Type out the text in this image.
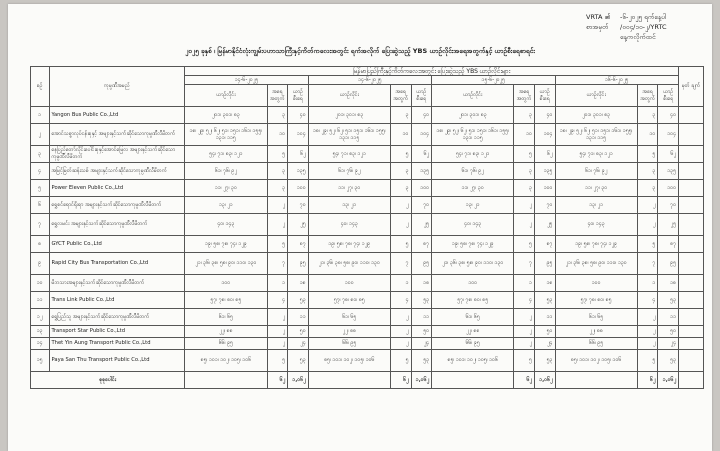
VRTA ၏	-၆-၂၀၂၅ ရက်နေ့ပါ
စာအမှတ်	/၀၀၄/၁၀-၂/YRTC
နေ့ကလိုက်ထင်
၂၀၂၅ ခုနှစ် ၊ မြန်မာနိုင်ငံလုံးကျွမ်းပဟာသာကြီးနှင့်ကိတ်ကလေးအတွင်း ရက်အလိုက် ပြေးဆွဲသည့် YBS ယာဉ်လိုင်းအရေအတွက်နှင့် ယာဉ်စီးရေစာရင်း
စဉ်	ကုမ္ပဏီအမည်	မြန်မာပြည်ကြီးနှင့်ကိတ်ကလေးအတွင်း ပြေးဆွဲသည့် YBS ယာဉ်လိုင်းများ												မှတ် ချက်
		၁၄-၆-၂၀၂၅			၁၄-၆-၂၀၂၅			၁၅-၆-၂၀၂၅			၁၆-၆-၂၀၂၅			
		ယာဉ်လိုင်း	အရေ အတွက်	ယာဉ် စီးရေ	ယာဉ်လိုင်း	အရေ အတွက်	ယာဉ် စီးရေ	ယာဉ်လိုင်း	အရေ အတွက်	ယာဉ် စီးရေ	ယာဉ်လိုင်း	အရေ အတွက်	ယာဉ် စီးရေ	
၁	Yangon Bus Public Co.,Ltd	၂၀၁၊ ၃၀၁၊ ၈၃	၃	၄၀	၂၀၁၊ ၃၀၁၊ ၈၃	၃	၄၀	၂၀၁၊ ၃၀၁၊ ၈၃	၃	၄၀	၂၀၁၊ ၃၀၁၊ ၈၃	၃	၄၀	
၂	အောင်သစ္စာလုပ်ငန်းစုနှင့် အများနှင့်သက်ဆိုင်သောကုမ္ပဏီလီမိတက်	၁၈၊ ၂၉၊ ၅၂၊ ၆၂၊ ၅၁၊ ၁၅၁၊ ၁၆၁၊ ၁၅၅၊ ၁၃၁၊ ၁၁၅	၁၀	၁၀၄	၁၈၊ ၂၉၊ ၅၂၊ ၆၂၊ ၅၁၊ ၁၅၁၊ ၁၆၁၊ ၁၅၅၊ ၁၃၁၊ ၁၁၅	၁၀	၁၀၄	၁၈၊ ၂၉၊ ၅၂၊ ၆၂၊ ၅၁၊ ၁၅၁၊ ၁၆၁၊ ၁၅၅၊ ၁၃၁၊ ၁၁၅	၁၀	၁၀၄	၁၈၊ ၂၉၊ ၅၂၊ ၆၂၊ ၅၁၊ ၁၅၁၊ ၁၆၁၊ ၁၅၅၊ ၁၃၁၊ ၁၁၅	၁၀	၁၀၄	
၃	နေပြည်တော်လိုင်းပေါင်းစုနှင့်အောင်မြေလ အများနှင့်သက်ဆိုင်သောကုမ္ပဏီလီမိတက်	၅၄၊ ၇၁၊ ၈၃၊ ၁၂၁	၅	၆၂	၅၄၊ ၇၁၊ ၈၃၊ ၁၂၁	၅	၆၂	၅၄၊ ၇၁၊ ၈၃၊ ၁၂၁	၅	၆၂	၅၄၊ ၇၁၊ ၈၃၊ ၁၂၁	၅	၆၂	
၄	အမြင့်မြတ်ဆန်းသစ် အများနှင့်သက်ဆိုင်သောကုမ္ပဏီလီမိတက်	၆၁၊ ၇၆၊ ၉၂	၃	၁၃၅	၆၁၊ ၇၆၊ ၉၂	၃	၁၃၅	၆၁၊ ၇၆၊ ၉၂	၃	၁၃၅	၆၁၊ ၇၆၊ ၉၂	၃	၁၃၅	
၅	Power Eleven Public Co.,Ltd	၁၁၊ ၂၇၊ ၃၀	၃	၁၀၀	၁၁၊ ၂၇၊ ၃၀	၃	၁၀၀	၁၁၊ ၂၇၊ ၃၀	၃	၁၀၀	၁၁၊ ၂၇၊ ၃၀	၃	၁၀၀	
၆	ရွှေစင်ရောင်ရိုးရာ အများနှင့်သက်ဆိုင်သောကုမ္ပဏီလီမိတက်	၁၃၊ ၂၁	၂	၇၀	၁၃၊ ၂၁	၂	၇၀	၁၃၊ ၂၁	၂	၇၀	၁၃၊ ၂၁	၂	၇၀	
၇	ရွှေလမင်း အများနှင့်သက်ဆိုင်သောကုမ္ပဏီလီမိတက်	၄၀၊ ၁၄၃	၂	၂၅	၄၀၊ ၁၄၃	၂	၂၅	၄၀၊ ၁၄၃	၂	၂၅	၄၀၊ ၁၄၃	၂	၂၅	
၈	GYCT Public Co.,Ltd	၁၉၊ ၅၈၊ ၇၈၊ ၇၄၊ ၁၂၉	၅	၈၇	၁၉၊ ၅၈၊ ၇၈၊ ၇၄၊ ၁၂၉	၅	၈၇	၁၉၊ ၅၈၊ ၇၈၊ ၇၄၊ ၁၂၉	၅	၈၇	၁၉၊ ၅၈၊ ၇၈၊ ၇၄၊ ၁၂၉	၅	၈၇	
၉	Rapid City Bus Transportation Co.,Ltd	၂၁၊ ၃၆၊ ၃၈၊ ၅၈၊ ၉၀၊ ၁၁၀၊ ၁၃၀	၇	၉၅	၂၁၊ ၃၆၊ ၃၈၊ ၅၈၊ ၉၀၊ ၁၁၀၊ ၁၃၀	၇	၉၅	၂၁၊ ၃၆၊ ၃၈၊ ၅၈၊ ၉၀၊ ၁၁၀၊ ၁၃၀	၇	၉၅	၂၁၊ ၃၆၊ ၃၈၊ ၅၈၊ ၉၀၊ ၁၁၀၊ ၁၃၀	၇	၉၅	
၁၀	မိဘသားအများနှင့်သက်ဆိုင်သောကုမ္ပဏီလီမိတက်	၁၀၀	၁	၁၈	၁၀၀	၁	၁၈	၁၀၀	၁	၁၈	၁၀၀	၁	၁၈	
၁၁	Trans Link Public Co.,Ltd	၅၇၊ ၇၈၊ ၈၀၊ ၈၅	၄	၅၃	၅၇၊ ၇၈၊ ၈၀၊ ၈၅	၄	၅၃	၅၇၊ ၇၈၊ ၈၀၊ ၈၅	၄	၅၃	၅၇၊ ၇၈၊ ၈၀၊ ၈၅	၄	၅၃	
၁၂	ရွှေပြည်သူ အများနှင့်သက်ဆိုင်သောကုမ္ပဏီလီမိတက်	၆၁၊ ၆၅	၂	၁၁	၆၁၊ ၆၅	၂	၁၁	၆၁၊ ၆၅	၂	၁၁	၆၁၊ ၆၅	၂	၁၁	
၁၃	Transport Star Public Co.,Ltd	၂၂၊ ၈၈	၂	၅၀	၂၂၊ ၈၈	၂	၅၀	၂၂၊ ၈၈	၂	၅၀	၂၂၊ ၈၈	၂	၅၀	
၁၄	Thet Yin Aung Transport Public Co.,Ltd	၆၆၊ ၉၅	၂	၂၄	၆၆၊ ၉၅	၂	၂၄	၆၆၊ ၉၅	၂	၂၄	၆၆၊ ၉၅	၂	၂၄	
၁၅	Paya San Thu Transport Public Co.,Ltd	၈၅၊ ၁၀၁၊ ၁၀၂၊ ၁၀၅၊ ၁၀၆	၅	၅၃	၈၅၊ ၁၀၁၊ ၁၀၂၊ ၁၀၅၊ ၁၀၆	၅	၅၃	၈၅၊ ၁၀၁၊ ၁၀၂၊ ၁၀၅၊ ၁၀၆	၅	၅၃	၈၅၊ ၁၀၁၊ ၁၀၂၊ ၁၀၅၊ ၁၀၆	၅	၅၃	
စုစုပေါင်း			၆၂	၁,၀၆၂		၆၂	၁,၀၆၂		၆၂	၁,၀၆၂		၆၂	၁,၀၆၂	
